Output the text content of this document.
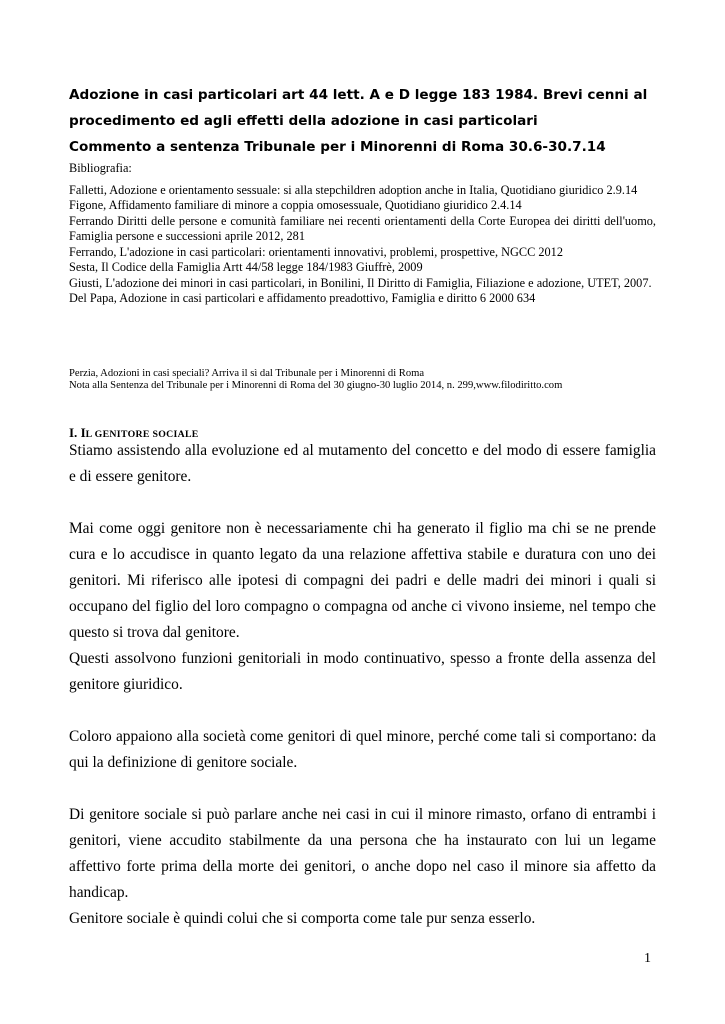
Adozione in casi particolari art 44 lett. A e D legge 183 1984. Brevi cenni al
procedimento ed agli effetti della adozione in casi particolari
Commento a sentenza Tribunale per i Minorenni di Roma 30.6-30.7.14

Bibliografia:

Falletti, Adozione e orientamento sessuale: si alla stepchildren adoption anche in Italia, Quotidiano giuridico 2.9.14

Figone, Affidamento familiare di minore a coppia omosessuale, Quotidiano giuridico 2.4.14

Ferrando Diritti delle persone e comunità familiare nei recenti orientamenti della Corte Europea dei diritti dell'uomo, Famiglia persone e successioni aprile 2012, 281

Ferrando, L'adozione in casi particolari: orientamenti innovativi, problemi, prospettive, NGCC 2012

Sesta, Il Codice della Famiglia Artt 44/58 legge 184/1983 Giuffrè, 2009

Giusti, L'adozione dei minori in casi particolari, in Bonilini, Il Diritto di Famiglia, Filiazione e adozione, UTET, 2007.

Del Papa, Adozione in casi particolari e affidamento preadottivo, Famiglia e diritto 6 2000 634

Perzia, Adozioni in casi speciali? Arriva il sì dal Tribunale per i Minorenni di Roma

Nota alla Sentenza del Tribunale per i Minorenni di Roma del 30 giugno-30 luglio 2014, n. 299,www.filodiritto.com

I. IL GENITORE SOCIALE

Stiamo assistendo alla evoluzione ed al mutamento del concetto e del modo di essere famiglia e di essere genitore.

Mai come oggi genitore non è necessariamente chi ha generato il figlio ma chi se ne prende cura e lo accudisce in quanto legato da una relazione affettiva stabile e duratura con uno dei genitori. Mi riferisco alle ipotesi di compagni dei padri e delle madri dei minori i quali si occupano del figlio del loro compagno o compagna od anche ci vivono insieme, nel tempo che questo si trova dal genitore.

Questi assolvono funzioni genitoriali in modo continuativo, spesso a fronte della assenza del genitore giuridico.

Coloro appaiono alla società come genitori di quel minore, perché come tali si comportano: da qui la definizione di genitore sociale.

Di genitore sociale si può parlare anche nei casi in cui il minore rimasto, orfano di entrambi i genitori, viene accudito stabilmente da una persona che ha instaurato con lui un legame affettivo forte prima della morte dei genitori, o anche dopo nel caso il minore sia affetto da handicap.

Genitore sociale è quindi colui che si comporta come tale pur senza esserlo.

1
